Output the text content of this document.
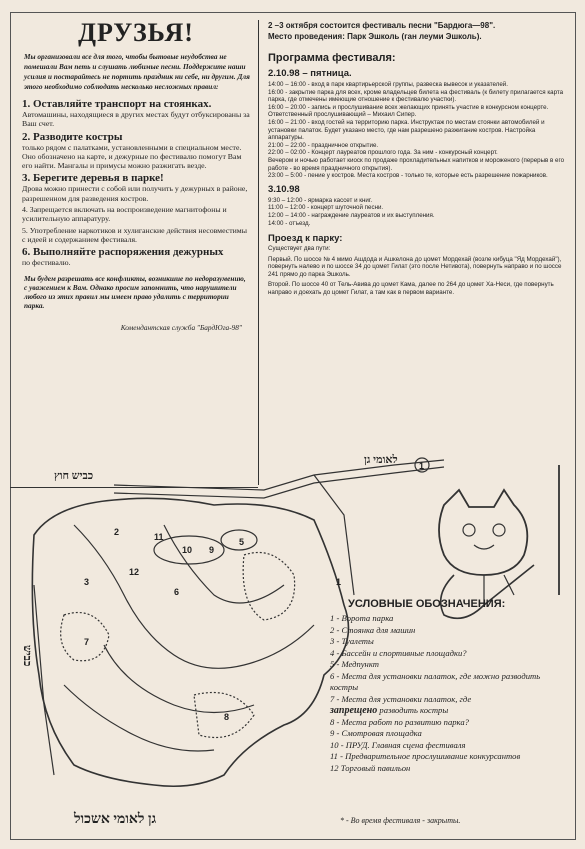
ДРУЗЬЯ!
Мы организовали все для того, чтобы бытовые неудобства не помешали Вам петь и слушать любимые песни. Поддержите наши усилия и постарайтесь не портить праздник ни себе, ни другим. Для этого необходимо соблюдать несколько несложных правил:
1. Оставляйте транспорт на стоянках.
Автомашины, находящиеся в других местах будут отбуксированы за Ваш счет.
2. Разводите костры
только рядом с палатками, установленными в специальном месте. Оно обозначено на карте, и дежурные по фестивалю помогут Вам его найти. Мангалы и примусы можно разжигать везде.
3. Берегите деревья в парке!
Дрова можно принести с собой или получить у дежурных в районе, разрешенном для разведения костров.
4. Запрещается включать на воспроизведение магнитофоны и усилительную аппаратуру.
5. Употребление наркотиков и хулиганские действия несовместимы с идеей и содержанием фестиваля.
6. Выполняйте распоряжения дежурных
по фестивалю.
Мы будем разрешать все конфликты, возникшие по недоразумению, с уважением к Вам. Однако просим запомнить, что нарушители любого из этих правил мы имеем право удалить с территории парка.
Комендантская служба "БардЮга-98"
2 –3 октября состоится фестиваль песни "Бардюга—98".
Место проведения: Парк Эшколь (ган леуми Эшколь).
Программа фестиваля:
2.10.98 – пятница.
14:00 – 16:00 - вход в парк квартирьерской группы, развеска вывесок и указателей.
16:00 - закрытие парка для всех, кроме владельцев билета на фестиваль (к билету прилагается карта парка, где отмечены имеющие отношение к фестивалю участки).
16:00 – 20:00 - запись и прослушивание всех желающих принять участие в конкурсном концерте. Ответственный прослушивающий – Михаил Сипер.
16:00 – 21:00 - вход гостей на территорию парка. Инструктаж по местам стоянки автомобилей и установки палаток. Будет указано место, где нам разрешено разжигание костров. Настройка аппаратуры.
21:00 – 22:00 - праздничное открытие.
22:00 – 02:00 - Концерт лауреатов прошлого года. За ним - конкурсный концерт.
Вечером и ночью работает киоск по продаже прохладительных напитков и мороженого (перерыв в его работе - во время праздничного открытия).
23:00 – 5:00 - пение у костров. Места костров - только те, которые есть разрешение пожарников.
3.10.98
9:30 – 12:00 - ярмарка кассет и книг.
11:00 – 12:00 - концерт шуточной песни.
12:00 – 14:00 - награждение лауреатов и их выступления.
14:00 - отъезд.
Проезд к парку:
Существует два пути:
Первый. По шоссе № 4 мимо Ашдода и Ашкелона до цомет Мордехай (возле кибуца "Яд Мордехай"), повернуть налево и по шоссе 34 до цомет Гилат (это после Нетивота), повернуть направо и по шоссе 241 прямо до парка Эшколь.
Второй. По шоссе 40 от Тель-Авива до цомет Кама, далее по 264 до цомет Ха-Неси, где повернуть направо и доехать до цомет Гилат, а там как в первом варианте.
1
1
2
3
5
6
7
8
9
10
11
12
כביש חוץ
לאומי גן
גן לאומי אשכול
כביש
УСЛОВНЫЕ ОБОЗНАЧЕНИЯ:
1 - Ворота парка
2 - Стоянка для машин
3 - Туалеты
4 - Бассейн и спортивные площадки?
5 - Медпункт
6 - Места для установки палаток, где можно разводить костры
7 - Места для установки палаток, где
запрещено разводить костры
8 - Места работ по развитию парка?
9 - Смотровая площадка
10 - ПРУД. Главная сцена фестиваля
11 - Предварительное прослушивание конкурсантов
12 Торговый павильон
* - Во время фестиваля - закрыты.
